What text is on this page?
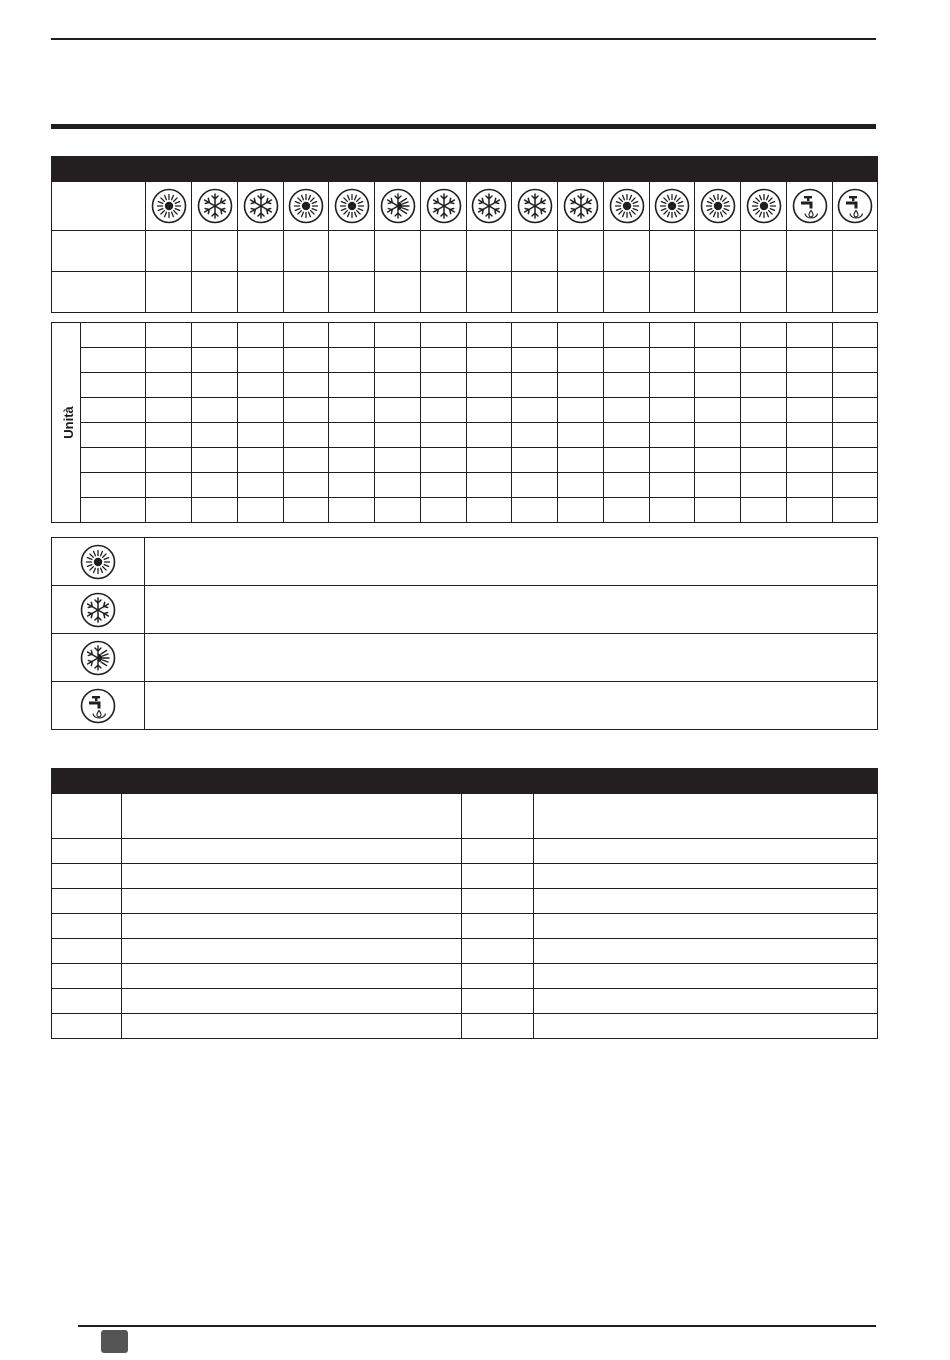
Unità																	
